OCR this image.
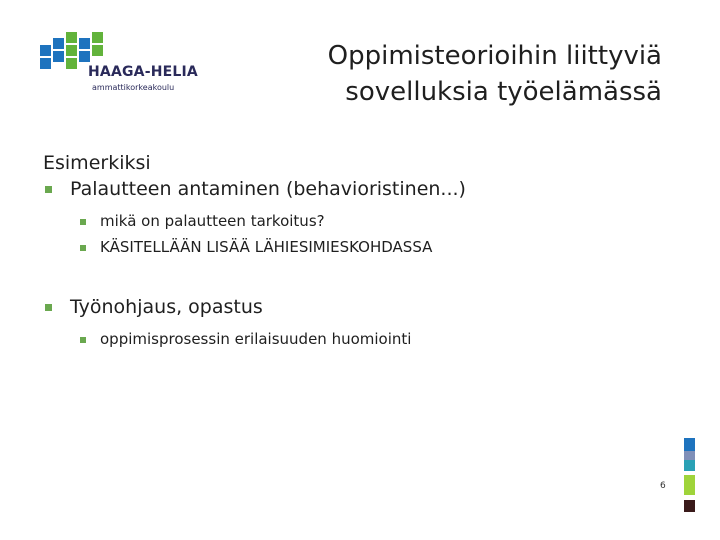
HAAGA-HELIA
ammattikorkeakoulu
Oppimisteorioihin liittyviä
sovelluksia työelämässä
Esimerkiksi
Palautteen antaminen (behavioristinen...)
mikä on palautteen tarkoitus?
KÄSITELLÄÄN LISÄÄ LÄHIESIMIESKOHDASSA
Työnohjaus, opastus
oppimisprosessin erilaisuuden huomiointi
6
